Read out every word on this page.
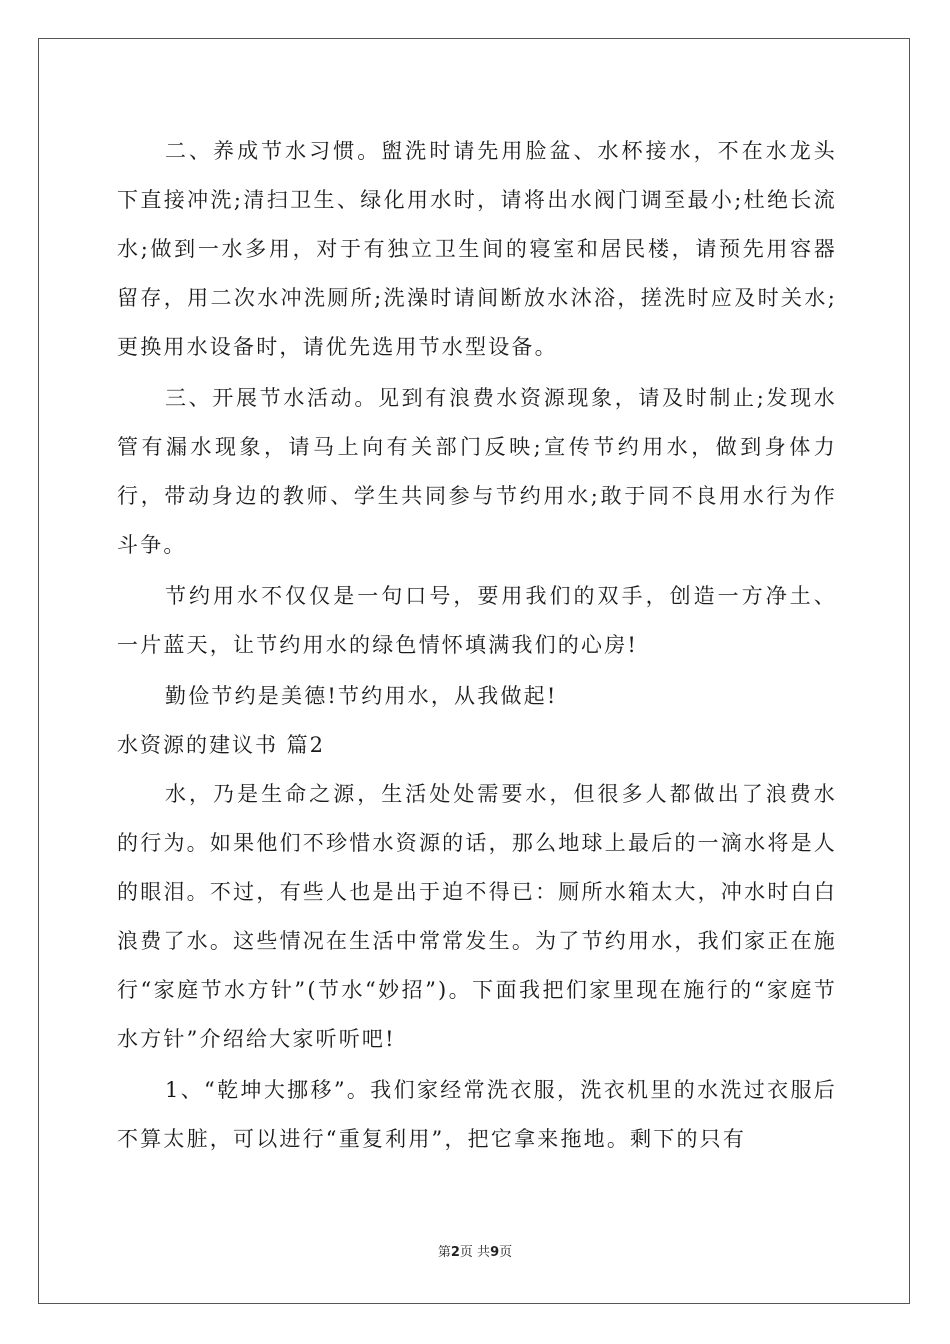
二、养成节水习惯。盥洗时请先用脸盆、水杯接水，不在水龙头下直接冲洗;清扫卫生、绿化用水时，请将出水阀门调至最小;杜绝长流水;做到一水多用，对于有独立卫生间的寝室和居民楼，请预先用容器留存，用二次水冲洗厕所;洗澡时请间断放水沐浴，搓洗时应及时关水;更换用水设备时，请优先选用节水型设备。

三、开展节水活动。见到有浪费水资源现象，请及时制止;发现水管有漏水现象，请马上向有关部门反映;宣传节约用水，做到身体力行，带动身边的教师、学生共同参与节约用水;敢于同不良用水行为作斗争。

节约用水不仅仅是一句口号，要用我们的双手，创造一方净土、一片蓝天，让节约用水的绿色情怀填满我们的心房!

勤俭节约是美德!节约用水，从我做起!

水资源的建议书 篇2

水，乃是生命之源，生活处处需要水，但很多人都做出了浪费水的行为。如果他们不珍惜水资源的话，那么地球上最后的一滴水将是人的眼泪。不过，有些人也是出于迫不得已：厕所水箱太大，冲水时白白浪费了水。这些情况在生活中常常发生。为了节约用水，我们家正在施行“家庭节水方针”(节水“妙招”)。下面我把们家里现在施行的“家庭节水方针”介绍给大家听听吧!

1、“乾坤大挪移”。我们家经常洗衣服，洗衣机里的水洗过衣服后不算太脏，可以进行“重复利用”，把它拿来拖地。剩下的只有

第2页 共9页
